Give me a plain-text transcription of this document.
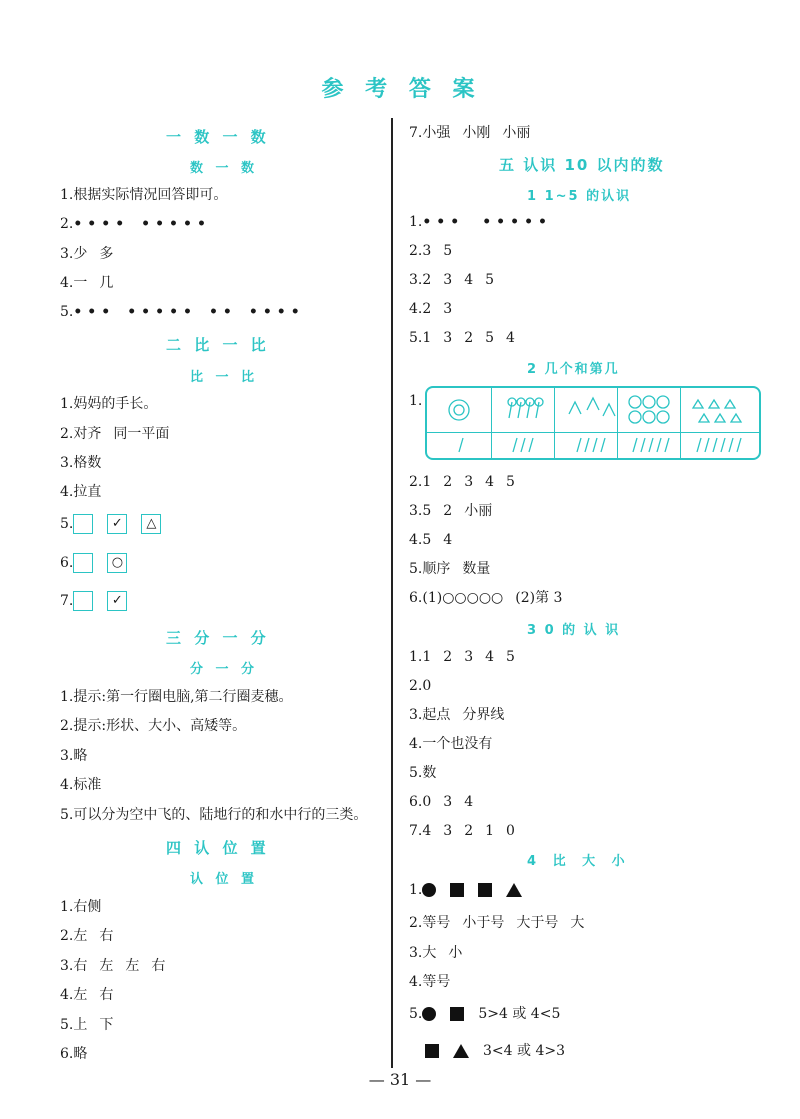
参 考 答 案
一 数 一 数
数 一 数
1.根据实际情况回答即可。
2.•••• •••••
3.少 多
4.一 几
5.••• ••••• •• ••••
二 比 一 比
比 一 比
1.妈妈的手长。
2.对齐 同一平面
3.格数
4.拉直
5.	✓ △
6.	○
7.	✓
三 分 一 分
分 一 分
1.提示:第一行圈电脑,第二行圈麦穗。
2.提示:形状、大小、高矮等。
3.略
4.标准
5.可以分为空中飞的、陆地行的和水中行的三类。
四 认 位 置
认 位 置
1.右侧
2.左 右
3.右 左 左 右
4.左 右
5.上 下
6.略
7.小强 小刚 小丽
五 认识 10 以内的数
1 1~5 的认识
1.••• •••••
2.3 5
3.2 3 4 5
4.2 3
5.1 3 2 5 4
2 几个和第几
1.
2.1 2 3 4 5
3.5 2 小丽
4.5 4
5.顺序 数量
6.(1)○○○○○ (2)第 3
3 0 的 认 识
1.1 2 3 4 5
2.0
3.起点 分界线
4.一个也没有
5.数
6.0 3 4
7.4 3 2 1 0
4 比 大 小
1.
2.等号 小于号 大于号 大
3.大 小
4.等号
5.	5>4 或 4<5
3<4 或 4>3
— 31 —
